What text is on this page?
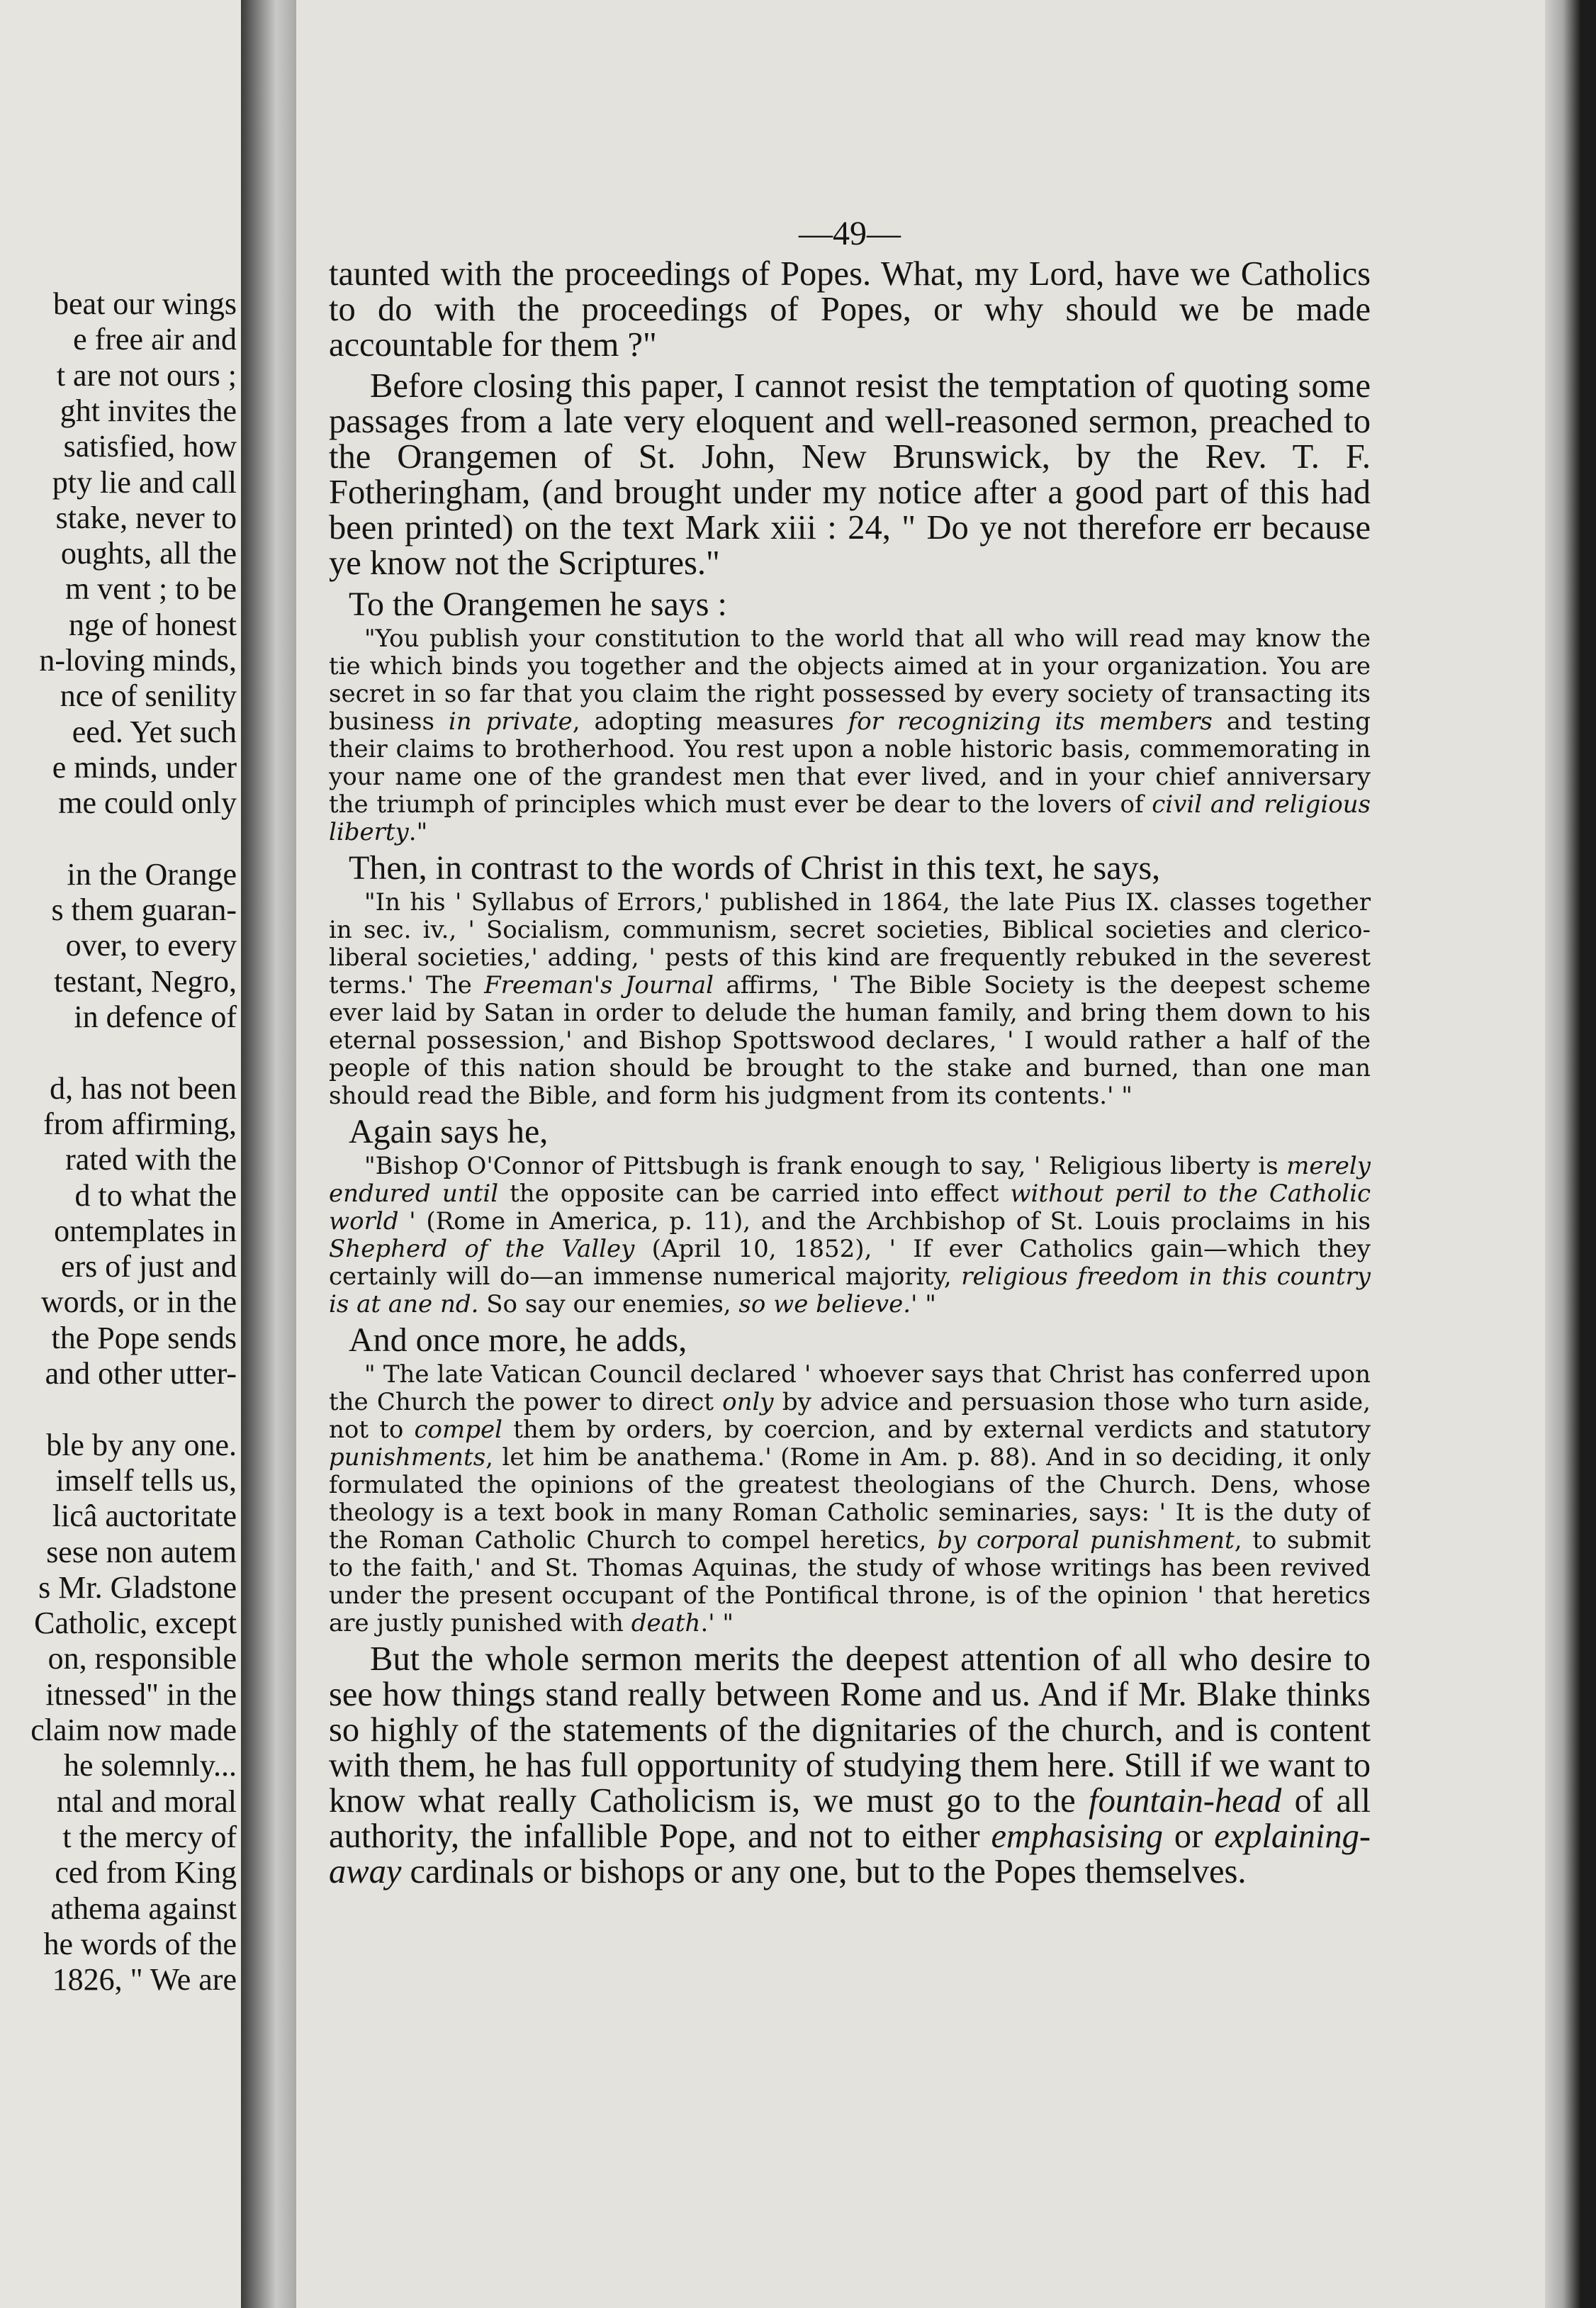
beat our wings
e free air and
t are not ours ;
ght invites the
satisfied, how
pty lie and call
stake, never to
oughts, all the
m vent ; to be
nge of honest
n-loving minds,
nce of senility
eed. Yet such
e minds, under
me could only
in the Orange
s them guaran-
over, to every
testant, Negro,
in defence of
d, has not been
from affirming,
rated with the
d to what the
ontemplates in
ers of just and
words, or in the
the Pope sends
and other utter-
ble by any one.
imself tells us,
licâ auctoritate
sese non autem
s Mr. Gladstone
Catholic, except
on, responsible
itnessed" in the
claim now made
he solemnly...
ntal and moral
t the mercy of
ced from King
athema against
he words of the
1826, " We are
—49—

taunted with the proceedings of Popes. What, my Lord, have we Catholics to do with the proceedings of Popes, or why should we be made accountable for them ?"

Before closing this paper, I cannot resist the temptation of quoting some passages from a late very eloquent and well-reasoned sermon, preached to the Orangemen of St. John, New Brunswick, by the Rev. T. F. Fotheringham, (and brought under my notice after a good part of this had been printed) on the text Mark xiii : 24, " Do ye not therefore err because ye know not the Scriptures."

To the Orangemen he says :

"You publish your constitution to the world that all who will read may know the tie which binds you together and the objects aimed at in your organization. You are secret in so far that you claim the right possessed by every society of transacting its business in private, adopting measures for recognizing its members and testing their claims to brotherhood. You rest upon a noble historic basis, commemorating in your name one of the grandest men that ever lived, and in your chief anniversary the triumph of principles which must ever be dear to the lovers of civil and religious liberty."

Then, in contrast to the words of Christ in this text, he says,

"In his ' Syllabus of Errors,' published in 1864, the late Pius IX. classes together in sec. iv., ' Socialism, communism, secret societies, Biblical societies and clerico-liberal societies,' adding, ' pests of this kind are frequently rebuked in the severest terms.' The Freeman's Journal affirms, ' The Bible Society is the deepest scheme ever laid by Satan in order to delude the human family, and bring them down to his eternal possession,' and Bishop Spottswood declares, ' I would rather a half of the people of this nation should be brought to the stake and burned, than one man should read the Bible, and form his judgment from its contents.' "

Again says he,

"Bishop O'Connor of Pittsbugh is frank enough to say, ' Religious liberty is merely endured until the opposite can be carried into effect without peril to the Catholic world ' (Rome in America, p. 11), and the Archbishop of St. Louis proclaims in his Shepherd of the Valley (April 10, 1852), ' If ever Catholics gain—which they certainly will do—an immense numerical majority, religious freedom in this country is at ane nd. So say our enemies, so we believe.' "

And once more, he adds,

" The late Vatican Council declared ' whoever says that Christ has conferred upon the Church the power to direct only by advice and persuasion those who turn aside, not to compel them by orders, by coercion, and by external verdicts and statutory punishments, let him be anathema.' (Rome in Am. p. 88). And in so deciding, it only formulated the opinions of the greatest theologians of the Church. Dens, whose theology is a text book in many Roman Catholic seminaries, says: ' It is the duty of the Roman Catholic Church to compel heretics, by corporal punishment, to submit to the faith,' and St. Thomas Aquinas, the study of whose writings has been revived under the present occupant of the Pontifical throne, is of the opinion ' that heretics are justly punished with death.' "

But the whole sermon merits the deepest attention of all who desire to see how things stand really between Rome and us. And if Mr. Blake thinks so highly of the statements of the dignitaries of the church, and is content with them, he has full opportunity of studying them here. Still if we want to know what really Catholicism is, we must go to the fountain-head of all authority, the infallible Pope, and not to either emphasising or explaining-away cardinals or bishops or any one, but to the Popes themselves.
